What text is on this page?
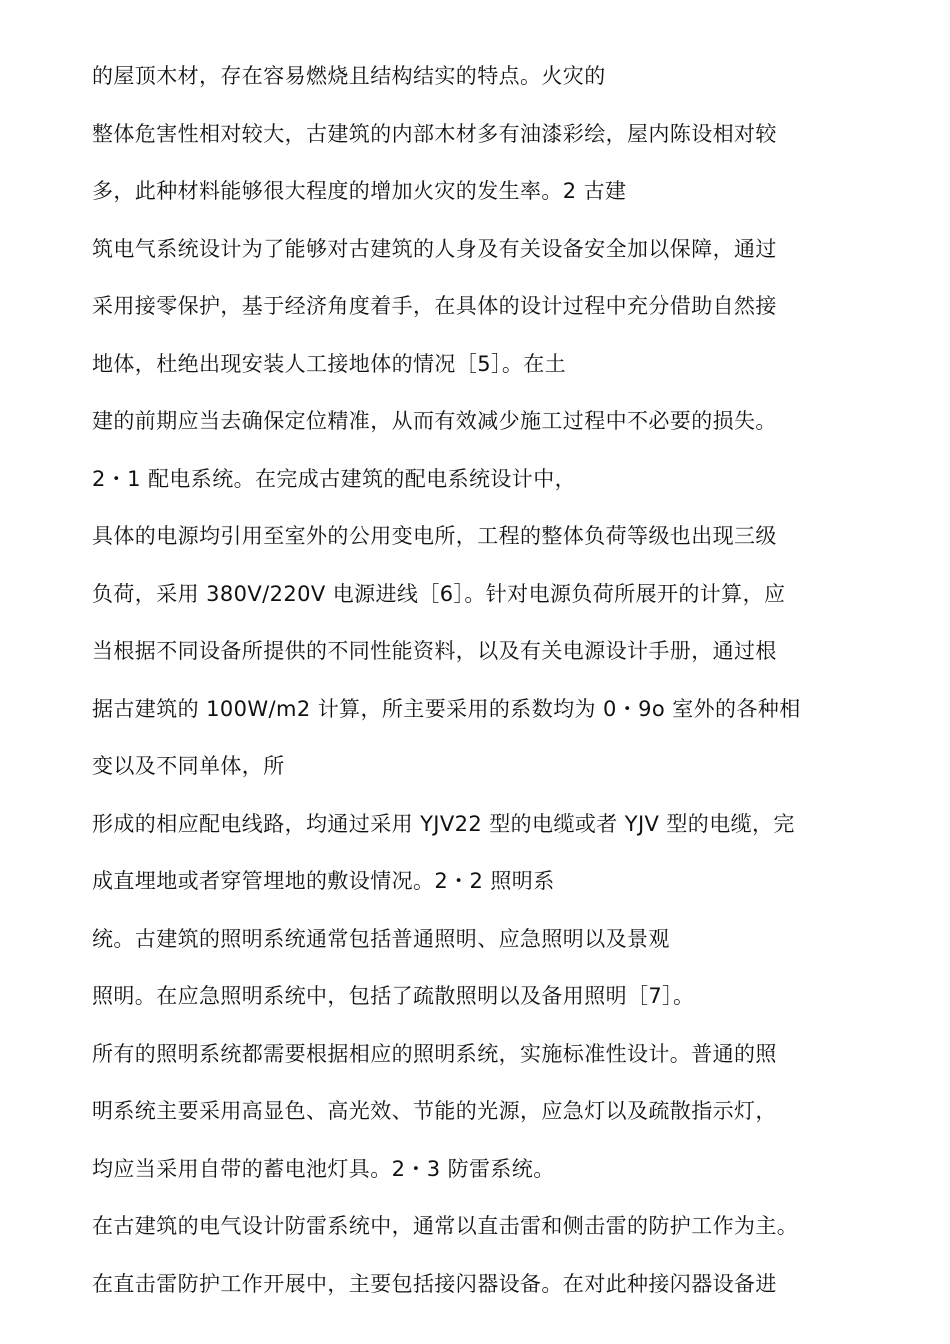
的屋顶木材，存在容易燃烧且结构结实的特点。火灾的
整体危害性相对较大，古建筑的内部木材多有油漆彩绘，屋内陈设相对较
多，此种材料能够很大程度的增加火灾的发生率。2 古建
筑电气系统设计为了能够对古建筑的人身及有关设备安全加以保障，通过
采用接零保护，基于经济角度着手，在具体的设计过程中充分借助自然接
地体，杜绝出现安装人工接地体的情况［5］。在土
建的前期应当去确保定位精准，从而有效减少施工过程中不必要的损失。
2・1 配电系统。在完成古建筑的配电系统设计中，
具体的电源均引用至室外的公用变电所，工程的整体负荷等级也出现三级
负荷，采用 380V/220V 电源进线［6］。针对电源负荷所展开的计算，应
当根据不同设备所提供的不同性能资料，以及有关电源设计手册，通过根
据古建筑的 100W/m2 计算，所主要采用的系数均为 0・9o 室外的各种相
变以及不同单体，所
形成的相应配电线路，均通过采用 YJV22 型的电缆或者 YJV 型的电缆，完
成直埋地或者穿管埋地的敷设情况。2・2 照明系
统。古建筑的照明系统通常包括普通照明、应急照明以及景观
照明。在应急照明系统中，包括了疏散照明以及备用照明［7］。
所有的照明系统都需要根据相应的照明系统，实施标准性设计。普通的照
明系统主要采用高显色、高光效、节能的光源，应急灯以及疏散指示灯，
均应当采用自带的蓄电池灯具。2・3 防雷系统。
在古建筑的电气设计防雷系统中，通常以直击雷和侧击雷的防护工作为主。
在直击雷防护工作开展中，主要包括接闪器设备。在对此种接闪器设备进
